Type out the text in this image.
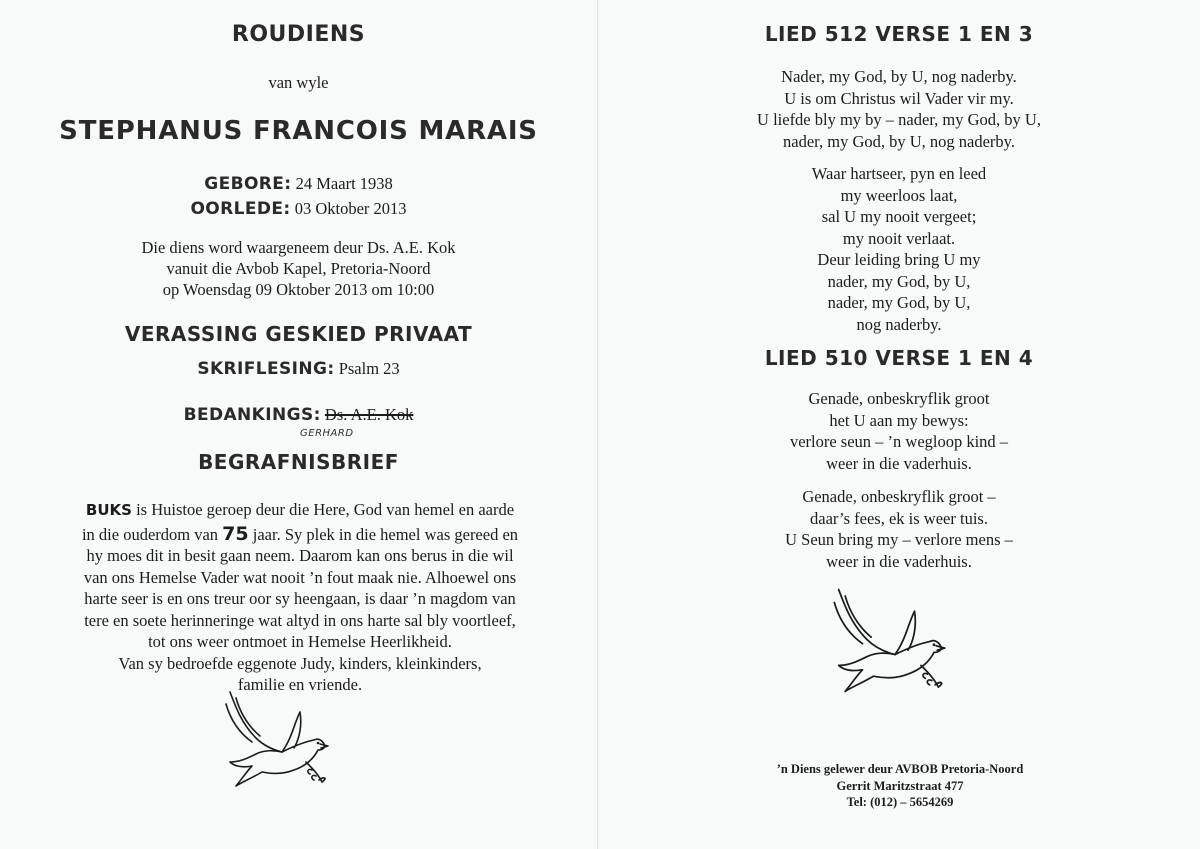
ROUDIENS
van wyle
STEPHANUS FRANCOIS MARAIS
GEBORE: 24 Maart 1938
OORLEDE: 03 Oktober 2013
Die diens word waargeneem deur Ds. A.E. Kok
vanuit die Avbob Kapel, Pretoria-Noord
op Woensdag 09 Oktober 2013 om 10:00
VERASSING GESKIED PRIVAAT
SKRIFLESING: Psalm 23
BEDANKINGS: Ds. A.E. Kok
GERHARD
BEGRAFNISBRIEF
BUKS is Huistoe geroep deur die Here, God van hemel en aarde
in die ouderdom van 75 jaar. Sy plek in die hemel was gereed en
hy moes dit in besit gaan neem. Daarom kan ons berus in die wil
van ons Hemelse Vader wat nooit ’n fout maak nie. Alhoewel ons
harte seer is en ons treur oor sy heengaan, is daar ’n magdom van
tere en soete herinneringe wat altyd in ons harte sal bly voortleef,
tot ons weer ontmoet in Hemelse Heerlikheid.
Van sy bedroefde eggenote Judy, kinders, kleinkinders,
familie en vriende.
LIED 512 VERSE 1 EN 3
Nader, my God, by U, nog naderby.
U is om Christus wil Vader vir my.
U liefde bly my by – nader, my God, by U,
nader, my God, by U, nog naderby.
Waar hartseer, pyn en leed
my weerloos laat,
sal U my nooit vergeet;
my nooit verlaat.
Deur leiding bring U my
nader, my God, by U,
nader, my God, by U,
nog naderby.
LIED 510 VERSE 1 EN 4
Genade, onbeskryflik groot
het U aan my bewys:
verlore seun – ’n wegloop kind –
weer in die vaderhuis.
Genade, onbeskryflik groot –
daar’s fees, ek is weer tuis.
U Seun bring my – verlore mens –
weer in die vaderhuis.
’n Diens gelewer deur AVBOB Pretoria-Noord
Gerrit Maritzstraat 477
Tel: (012) – 5654269
